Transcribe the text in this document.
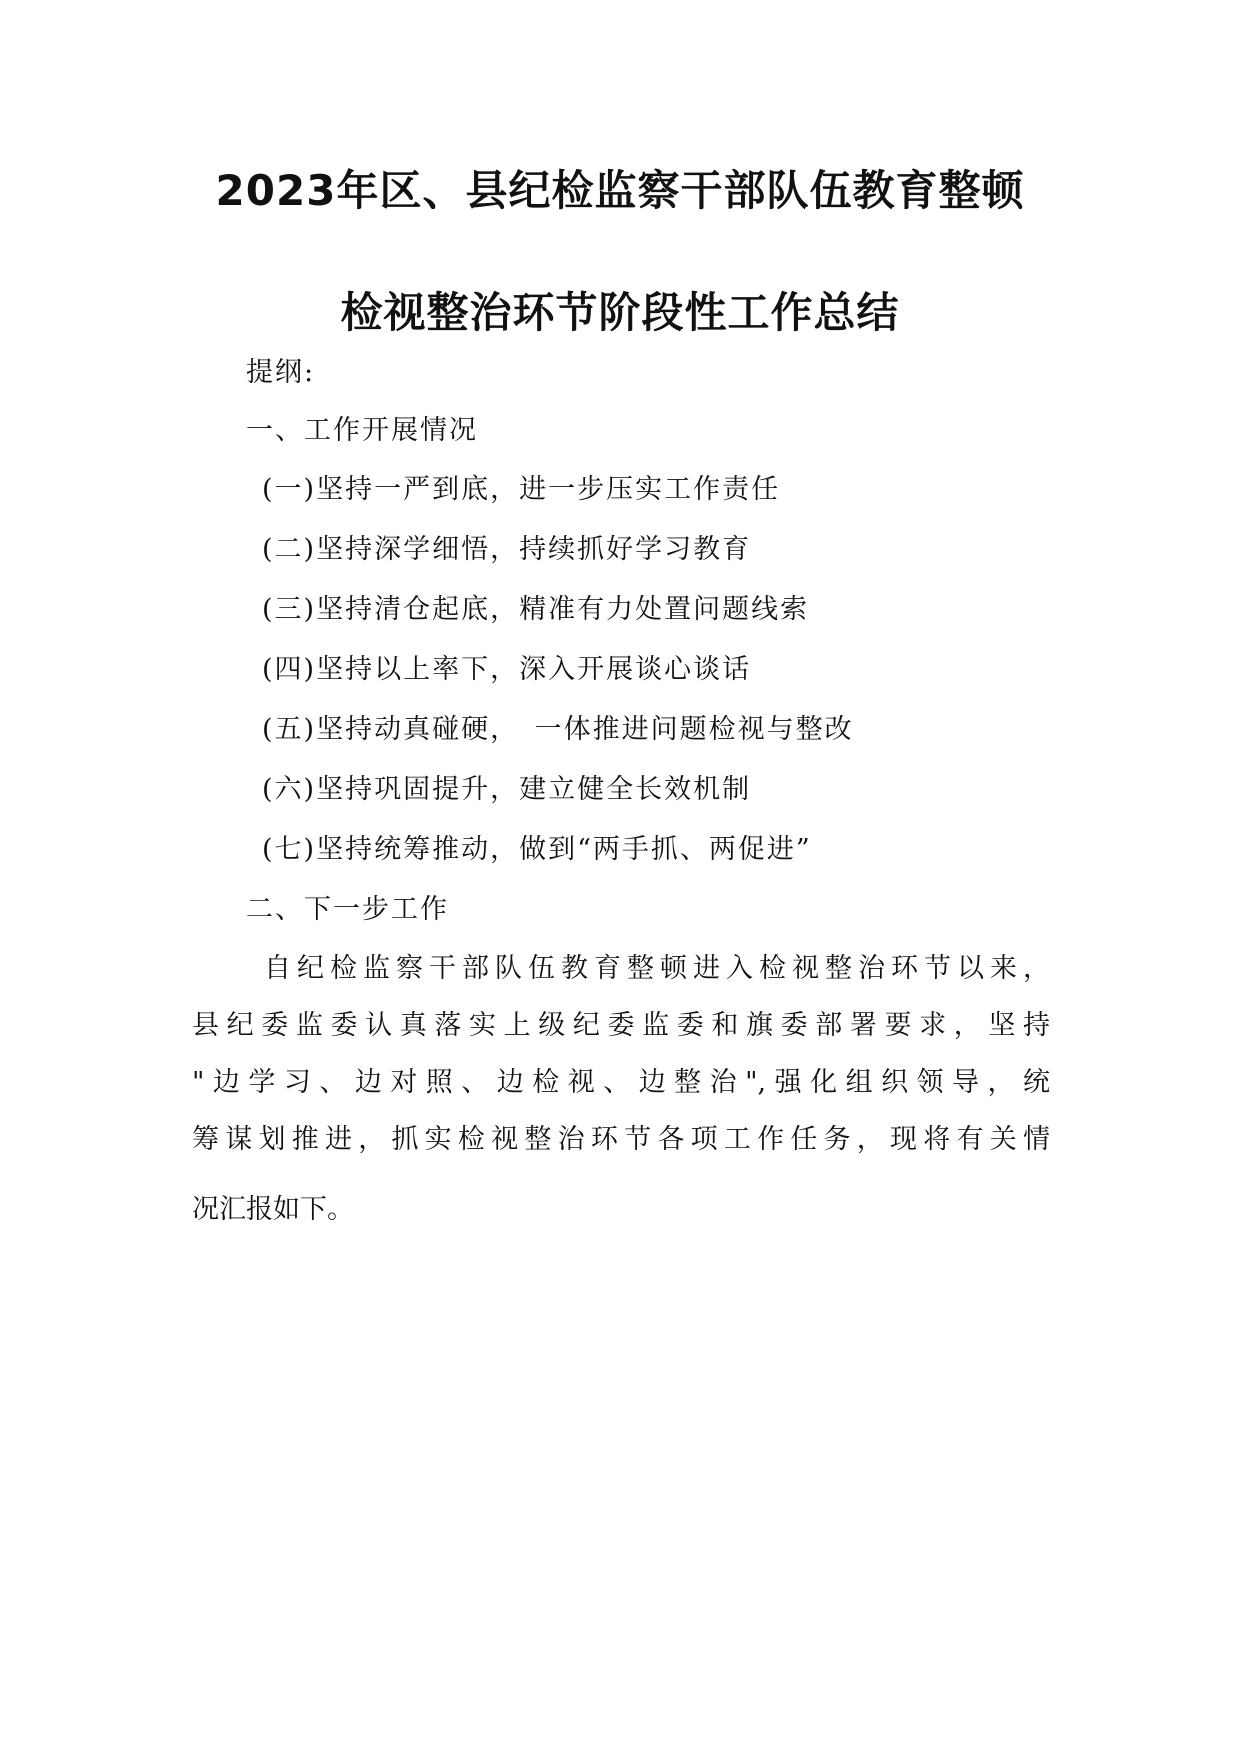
2023年区、县纪检监察干部队伍教育整顿
检视整治环节阶段性工作总结
提纲:
一、工作开展情况
(一)坚持一严到底，进一步压实工作责任
(二)坚持深学细悟，持续抓好学习教育
(三)坚持清仓起底，精准有力处置问题线索
(四)坚持以上率下，深入开展谈心谈话
(五)坚持动真碰硬，　一体推进问题检视与整改
(六)坚持巩固提升，建立健全长效机制
(七)坚持统筹推动，做到“两手抓、两促进”
二、下一步工作
自纪检监察干部队伍教育整顿进入检视整治环节以来，
县纪委监委认真落实上级纪委监委和旗委部署要求，坚持
"边学习、边对照、边检视、边整治",强化组织领导，统
筹谋划推进，抓实检视整治环节各项工作任务，现将有关情
况汇报如下。
